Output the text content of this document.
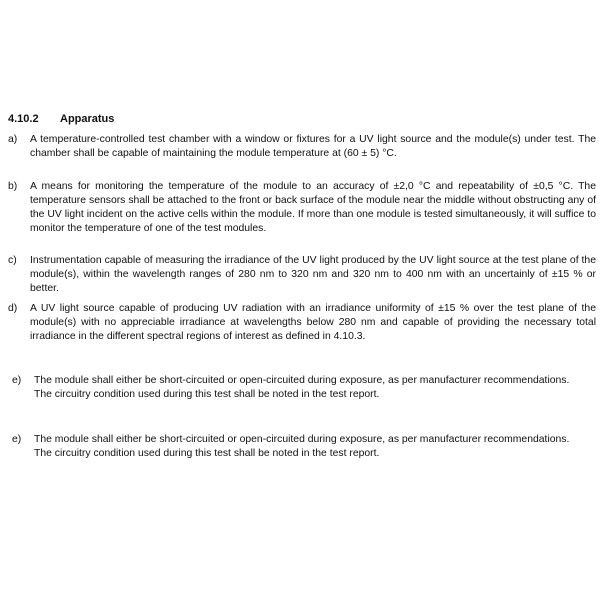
4.10.2 Apparatus
a) A temperature-controlled test chamber with a window or fixtures for a UV light source and the module(s) under test. The chamber shall be capable of maintaining the module temperature at (60 ± 5) °C.
b) A means for monitoring the temperature of the module to an accuracy of ±2,0 °C and repeatability of ±0,5 °C. The temperature sensors shall be attached to the front or back surface of the module near the middle without obstructing any of the UV light incident on the active cells within the module. If more than one module is tested simultaneously, it will suffice to monitor the temperature of one of the test modules.
c) Instrumentation capable of measuring the irradiance of the UV light produced by the UV light source at the test plane of the module(s), within the wavelength ranges of 280 nm to 320 nm and 320 nm to 400 nm with an uncertainly of ±15 % or better.
d) A UV light source capable of producing UV radiation with an irradiance uniformity of ±15 % over the test plane of the module(s) with no appreciable irradiance at wavelengths below 280 nm and capable of providing the necessary total irradiance in the different spectral regions of interest as defined in 4.10.3.
e) The module shall either be short-circuited or open-circuited during exposure, as per manufacturer recommendations. The circuitry condition used during this test shall be noted in the test report.
e) The module shall either be short-circuited or open-circuited during exposure, as per manufacturer recommendations. The circuitry condition used during this test shall be noted in the test report.
